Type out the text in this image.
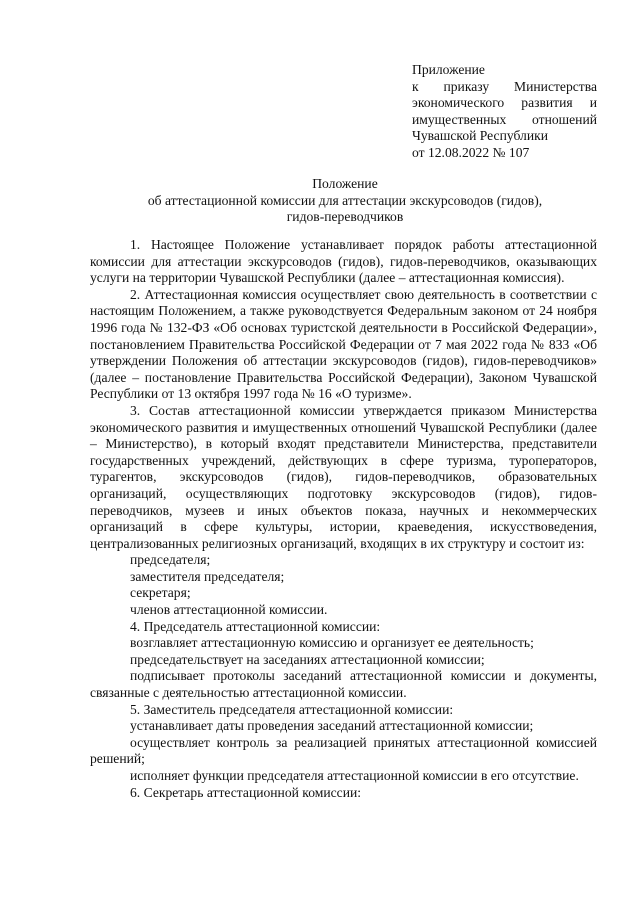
Приложение
к приказу Министерства
экономического развития и
имущественных отношений
Чувашской Республики
от 12.08.2022 № 107
Положение
об аттестационной комиссии для аттестации экскурсоводов (гидов),
гидов-переводчиков

1. Настоящее Положение устанавливает порядок работы аттестационной комиссии для аттестации экскурсоводов (гидов), гидов-переводчиков, оказывающих услуги на территории Чувашской Республики (далее – аттестационная комиссия).

2. Аттестационная комиссия осуществляет свою деятельность в соответствии с настоящим Положением, а также руководствуется Федеральным законом от 24 ноября 1996 года № 132-ФЗ «Об основах туристской деятельности в Российской Федерации», постановлением Правительства Российской Федерации от 7 мая 2022 года № 833 «Об утверждении Положения об аттестации экскурсоводов (гидов), гидов-переводчиков» (далее – постановление Правительства Российской Федерации), Законом Чувашской Республики от 13 октября 1997 года № 16 «О туризме».

3. Состав аттестационной комиссии утверждается приказом Министерства экономического развития и имущественных отношений Чувашской Республики (далее – Министерство), в который входят представители Министерства, представители государственных учреждений, действующих в сфере туризма, туроператоров, турагентов, экскурсоводов (гидов), гидов-переводчиков, образовательных организаций, осуществляющих подготовку экскурсоводов (гидов), гидов-переводчиков, музеев и иных объектов показа, научных и некоммерческих организаций в сфере культуры, истории, краеведения, искусствоведения, централизованных религиозных организаций, входящих в их структуру и состоит из:

председателя;

заместителя председателя;

секретаря;

членов аттестационной комиссии.

4. Председатель аттестационной комиссии:

возглавляет аттестационную комиссию и организует ее деятельность;

председательствует на заседаниях аттестационной комиссии;

подписывает протоколы заседаний аттестационной комиссии и документы, связанные с деятельностью аттестационной комиссии.

5. Заместитель председателя аттестационной комиссии:

устанавливает даты проведения заседаний аттестационной комиссии;

осуществляет контроль за реализацией принятых аттестационной комиссией решений;

исполняет функции председателя аттестационной комиссии в его отсутствие.

6. Секретарь аттестационной комиссии:
